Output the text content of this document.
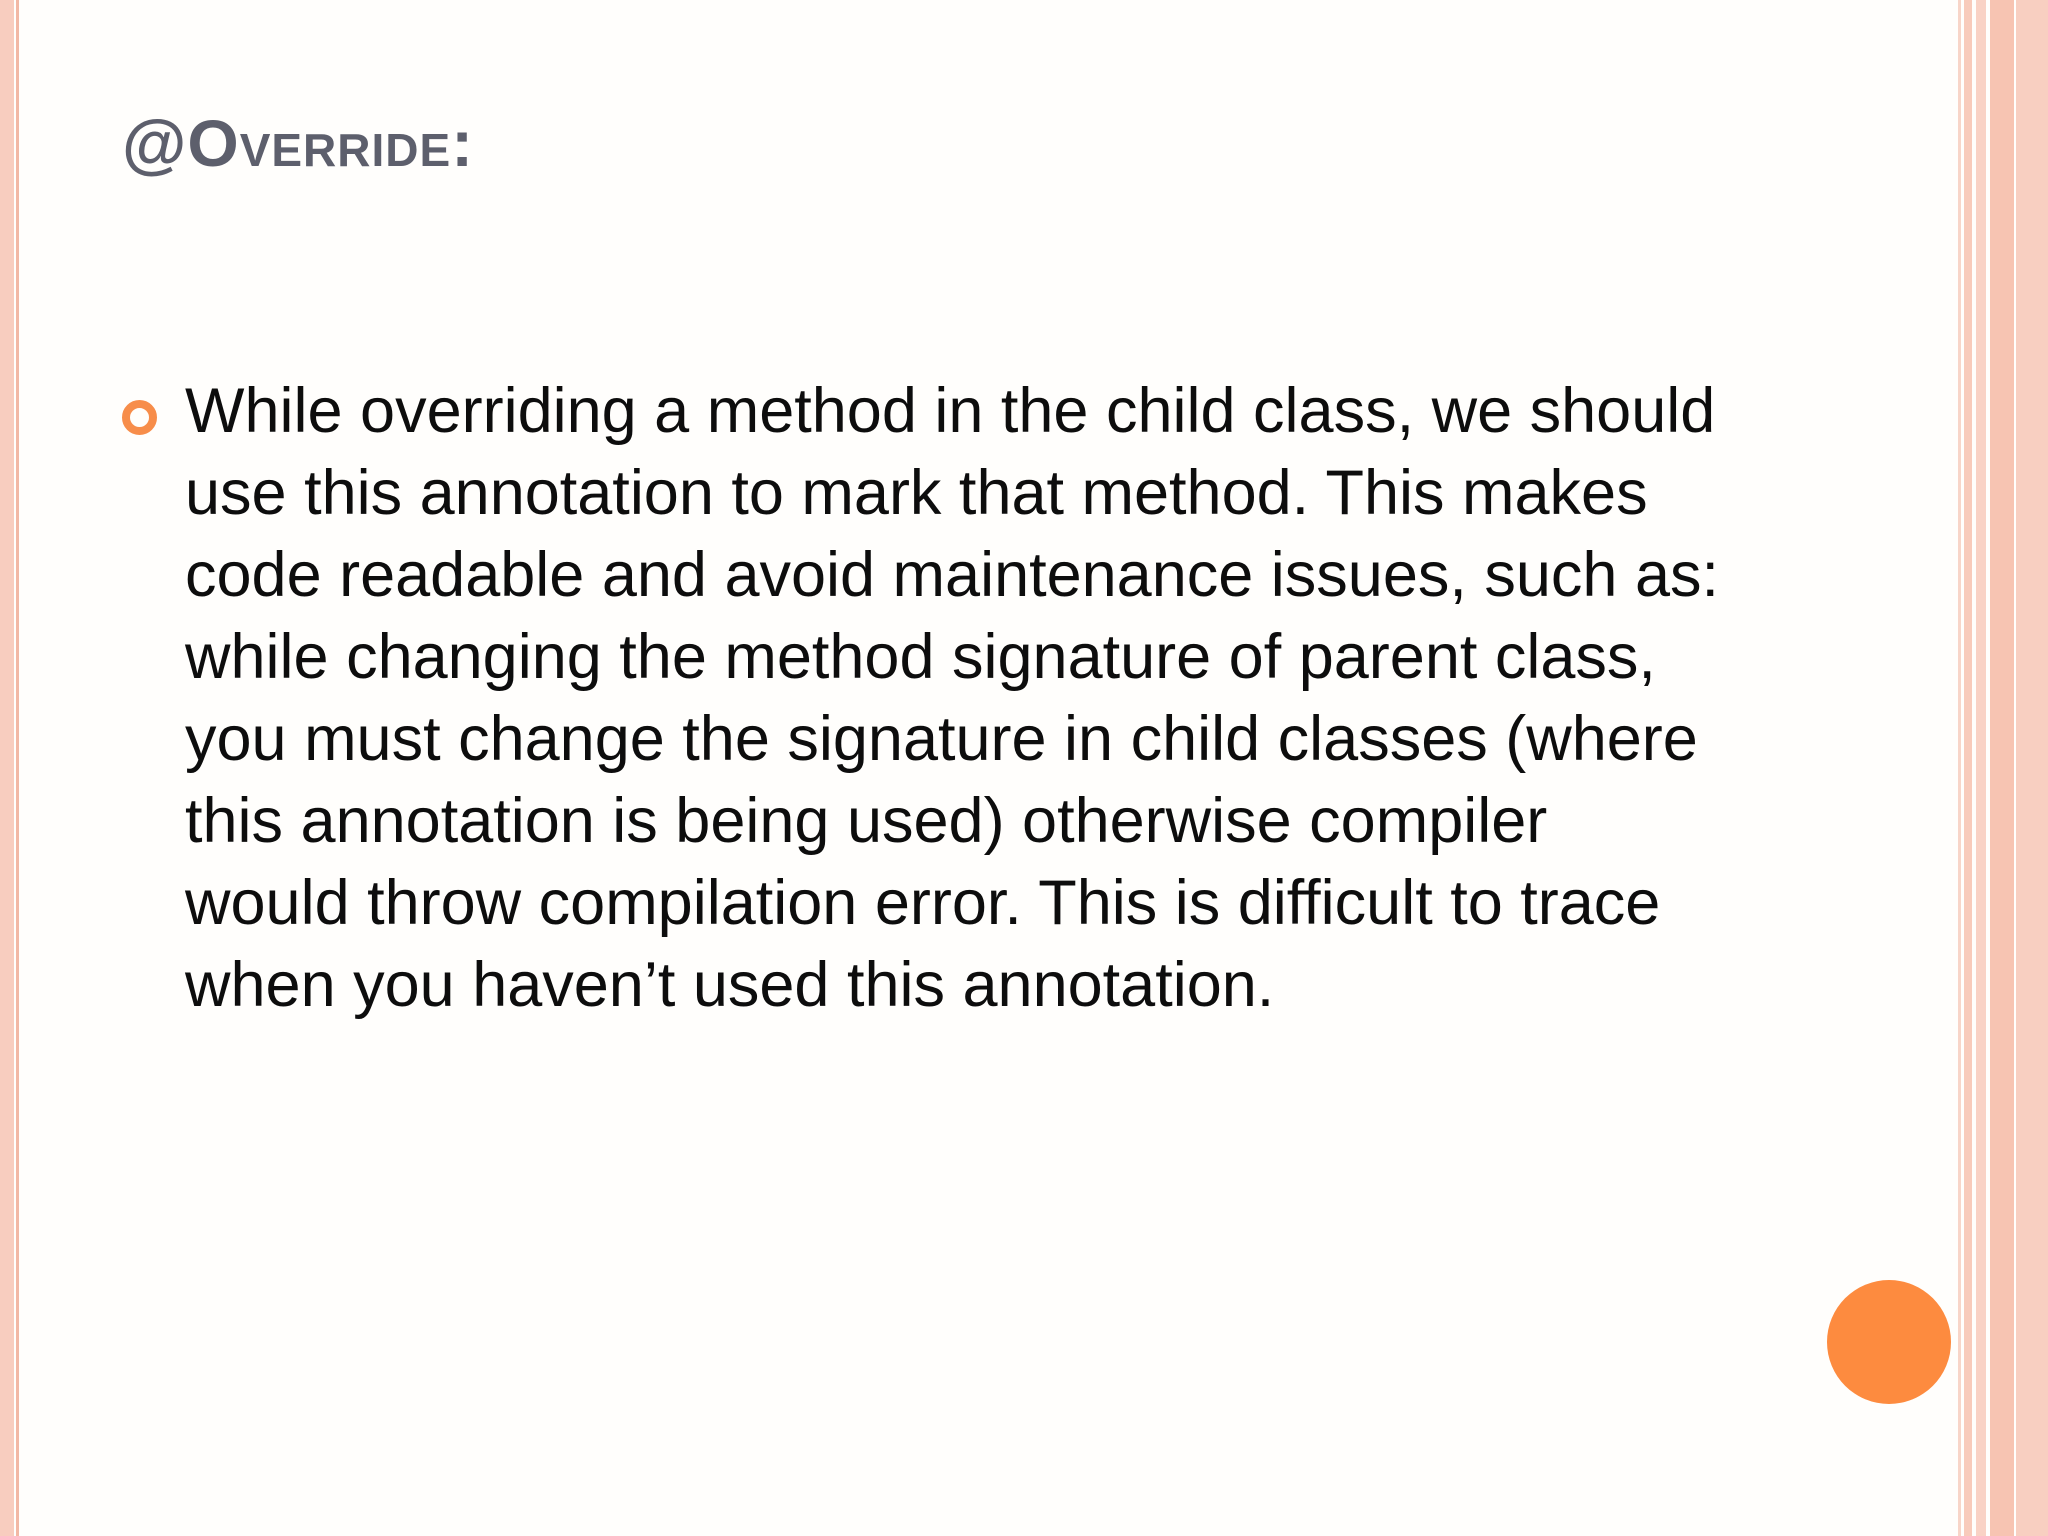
@Override:

While overriding a method in the child class, we should use this annotation to mark that method. This makes code readable and avoid maintenance issues, such as: while changing the method signature of parent class, you must change the signature in child classes (where this annotation is being used) otherwise compiler would throw compilation error. This is difficult to trace when you haven’t used this annotation.
